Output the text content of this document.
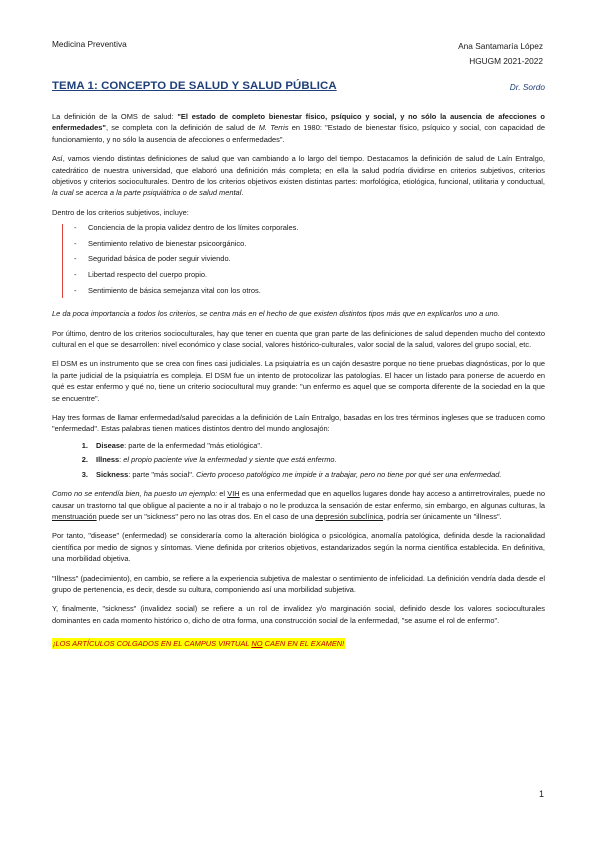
Medicina Preventiva	Ana Santamaría López
HGUGM 2021-2022
TEMA 1: CONCEPTO DE SALUD Y SALUD PÚBLICA	Dr. Sordo

La definición de la OMS de salud: "El estado de completo bienestar físico, psíquico y social, y no sólo la ausencia de afecciones o enfermedades", se completa con la definición de salud de M. Terris en 1980: "Estado de bienestar físico, psíquico y social, con capacidad de funcionamiento, y no sólo la ausencia de afecciones o enfermedades".

Así, vamos viendo distintas definiciones de salud que van cambiando a lo largo del tiempo. Destacamos la definición de salud de Laín Entralgo, catedrático de nuestra universidad, que elaboró una definición más completa; en ella la salud podría dividirse en criterios subjetivos, criterios objetivos y criterios socioculturales. Dentro de los criterios objetivos existen distintas partes: morfológica, etiológica, funcional, utilitaria y conductual, la cual se acerca a la parte psiquiátrica o de salud mental.

Dentro de los criterios subjetivos, incluye:

- Conciencia de la propia validez dentro de los límites corporales.
- Sentimiento relativo de bienestar psicoorgánico.
- Seguridad básica de poder seguir viviendo.
- Libertad respecto del cuerpo propio.
- Sentimiento de básica semejanza vital con los otros.

Le da poca importancia a todos los criterios, se centra más en el hecho de que existen distintos tipos más que en explicarlos uno a uno.

Por último, dentro de los criterios socioculturales, hay que tener en cuenta que gran parte de las definiciones de salud dependen mucho del contexto cultural en el que se desarrollen: nivel económico y clase social, valores histórico-culturales, valor social de la salud, valores del grupo social, etc.

El DSM es un instrumento que se crea con fines casi judiciales. La psiquiatría es un cajón desastre porque no tiene pruebas diagnósticas, por lo que la parte judicial de la psiquiatría es compleja. El DSM fue un intento de protocolizar las patologías. El hacer un listado para ponerse de acuerdo en qué es estar enfermo y qué no, tiene un criterio sociocultural muy grande: "un enfermo es aquel que se comporta diferente de la sociedad en la que se encuentre".

Hay tres formas de llamar enfermedad/salud parecidas a la definición de Laín Entralgo, basadas en los tres términos ingleses que se traducen como "enfermedad". Estas palabras tienen matices distintos dentro del mundo anglosajón:

1. Disease: parte de la enfermedad "más etiológica".
2. Illness: el propio paciente vive la enfermedad y siente que está enfermo.
3. Sickness: parte "más social". Cierto proceso patológico me impide ir a trabajar, pero no tiene por qué ser una enfermedad.

Como no se entendía bien, ha puesto un ejemplo: el VIH es una enfermedad que en aquellos lugares donde hay acceso a antirretrovirales, puede no causar un trastorno tal que obligue al paciente a no ir al trabajo o no le produzca la sensación de estar enfermo, sin embargo, en algunas culturas, la menstruación puede ser un "sickness" pero no las otras dos. En el caso de una depresión subclínica, podría ser únicamente un "illness".

Por tanto, "disease" (enfermedad) se consideraría como la alteración biológica o psicológica, anomalía patológica, definida desde la racionalidad científica por medio de signos y síntomas. Viene definida por criterios objetivos, estandarizados según la norma científica establecida. En definitiva, una morbilidad objetiva.

"Illness" (padecimiento), en cambio, se refiere a la experiencia subjetiva de malestar o sentimiento de infelicidad. La definición vendría dada desde el grupo de pertenencia, es decir, desde su cultura, componiendo así una morbilidad subjetiva.

Y, finalmente, "sickness" (invalidez social) se refiere a un rol de invalidez y/o marginación social, definido desde los valores socioculturales dominantes en cada momento histórico o, dicho de otra forma, una construcción social de la enfermedad, "se asume el rol de enfermo".

¡LOS ARTÍCULOS COLGADOS EN EL CAMPUS VIRTUAL NO CAEN EN EL EXAMEN!

1
